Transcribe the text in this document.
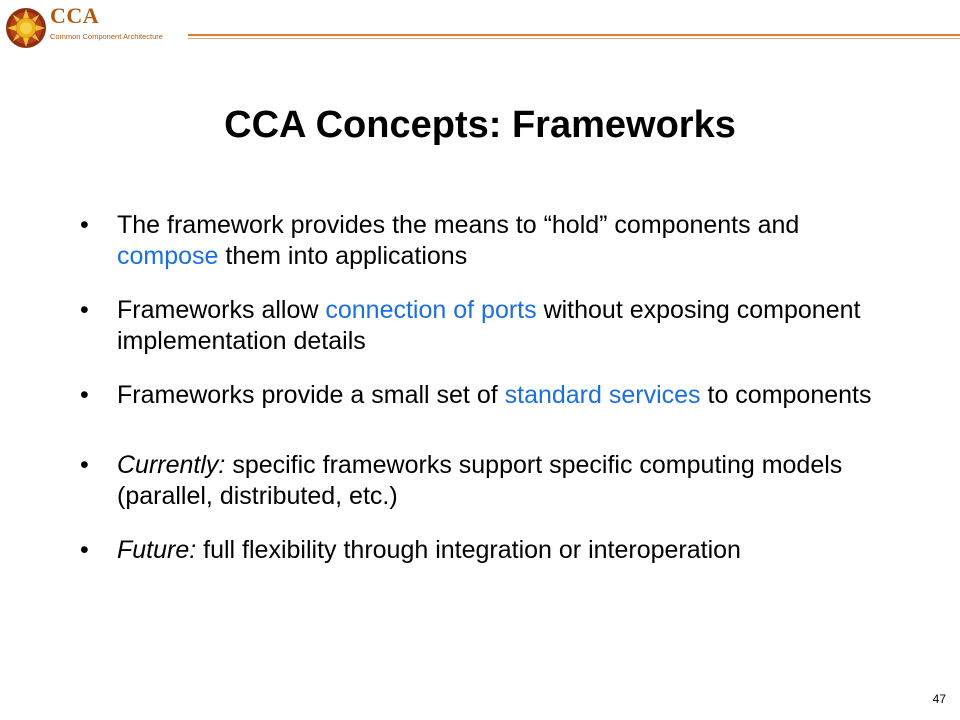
CCA
Common Component Architecture
CCA Concepts: Frameworks
• The framework provides the means to “hold” components and compose them into applications
• Frameworks allow connection of ports without exposing component implementation details
• Frameworks provide a small set of standard services to components
• Currently: specific frameworks support specific computing models (parallel, distributed, etc.)
• Future: full flexibility through integration or interoperation
47
